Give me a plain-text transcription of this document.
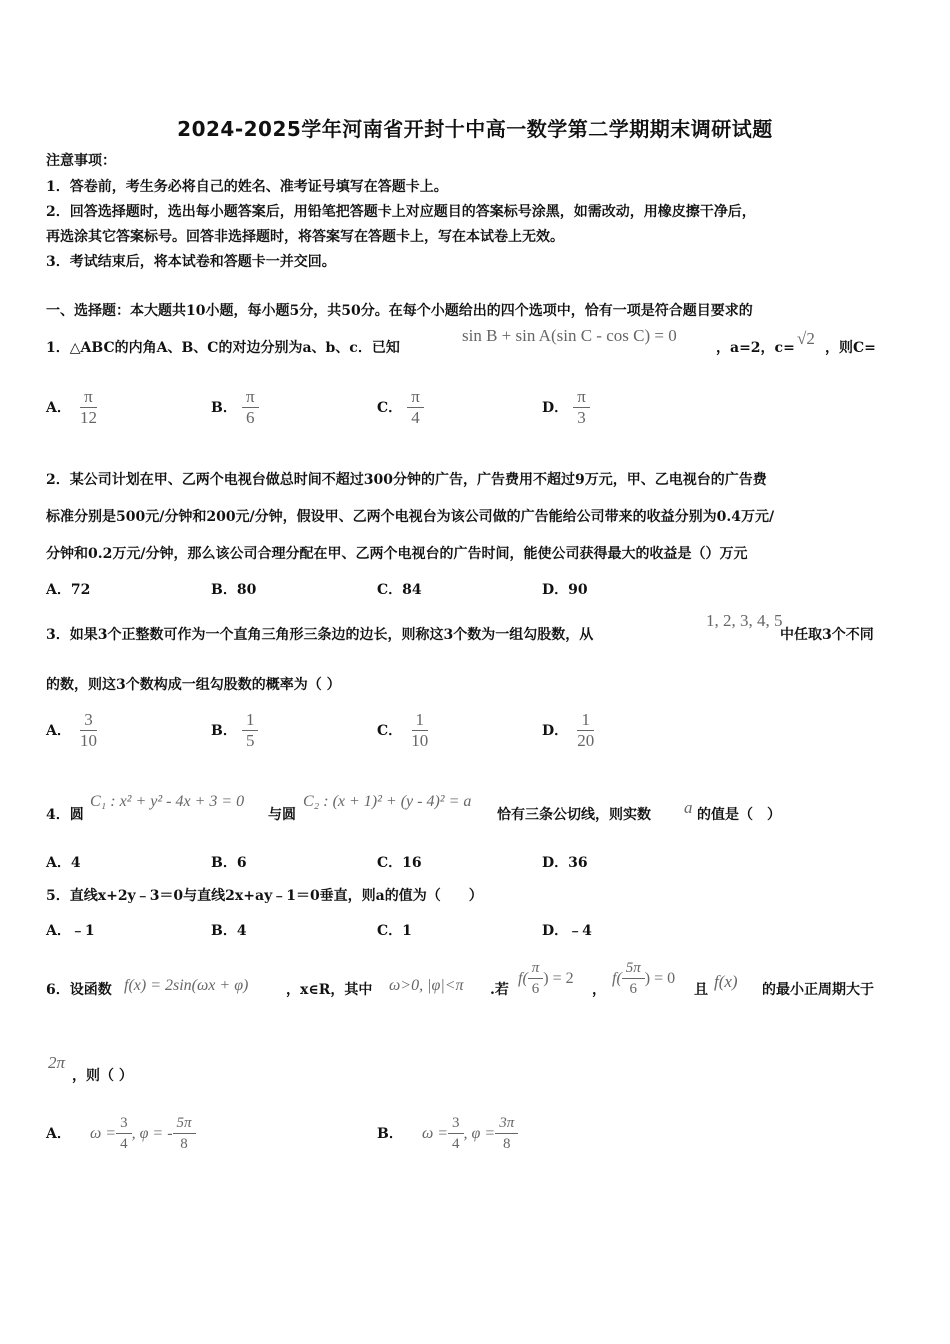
2024-2025学年河南省开封十中高一数学第二学期期末调研试题
注意事项：
1．答卷前，考生务必将自己的姓名、准考证号填写在答题卡上。
2．回答选择题时，选出每小题答案后，用铅笔把答题卡上对应题目的答案标号涂黑，如需改动，用橡皮擦干净后，
再选涂其它答案标号。回答非选择题时，将答案写在答题卡上，写在本试卷上无效。
3．考试结束后，将本试卷和答题卡一并交回。
一、选择题：本大题共10小题，每小题5分，共50分。在每个小题给出的四个选项中，恰有一项是符合题目要求的
1．△ABC的内角A、B、C的对边分别为a、b、c．已知
sin B + sin A(sin C - cos C) = 0
，a=2，c= √2 ，则C=
A． $\frac{\pi}{12}$	B． $\frac{\pi}{6}$	C． $\frac{\pi}{4}$	D． $\frac{\pi}{3}$
2．某公司计划在甲、乙两个电视台做总时间不超过300分钟的广告，广告费用不超过9万元，甲、乙电视台的广告费
标准分别是500元/分钟和200元/分钟，假设甲、乙两个电视台为该公司做的广告能给公司带来的收益分别为0.4万元/
分钟和0.2万元/分钟，那么该公司合理分配在甲、乙两个电视台的广告时间，能使公司获得最大的收益是（）万元
A．72	B．80	C．84	D．90
3．如果3个正整数可作为一个直角三角形三条边的边长，则称这3个数为一组勾股数，从
1, 2, 3, 4, 5
中任取3个不同
的数，则这3个数构成一组勾股数的概率为（ ）
A． $\frac{3}{10}$	B． $\frac{1}{5}$	C． $\frac{1}{10}$	D． $\frac{1}{20}$
4．圆
C₁ : x² + y² - 4x + 3 = 0
与圆
C₂ : (x + 1)² + (y - 4)² = a
恰有三条公切线，则实数 a 的值是（　）
A．4	B．6	C．16	D．36
5．直线x+2y﹣3＝0与直线2x+ay﹣1＝0垂直，则a的值为（　　）
A．﹣1	B．4	C．1	D．﹣4
6．设函数 f(x) = 2sin(ωx + φ)	，x∈R，其中 ω>0, |φ|<π .若
$f( \frac{\pi}{6}$ ) = 2
，
$f( \frac{5\pi}{6}$ ) = 0
且 f(x) 的最小正周期大于
2π
，则（ ）
A． $\omega = \frac{3}{4}$ , φ = - $\frac{5\pi}{8}$	B． $\omega = \frac{3}{4}$ , $\varphi = \frac{3\pi}{8}$
